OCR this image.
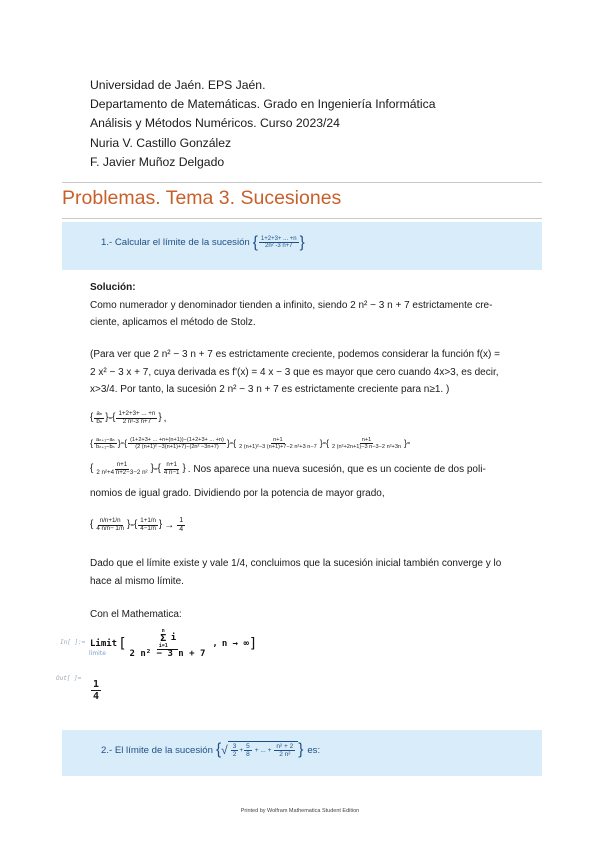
Universidad de Jaén. EPS Jaén.
Departamento de Matemáticas. Grado en Ingeniería Informática
Análisis y Métodos Numéricos. Curso 2023/24
Nuria V. Castillo González
F. Javier Muñoz Delgado
Problemas. Tema 3. Sucesiones
1.- Calcular el límite de la sucesión { $\frac{1+2+3+ ... +n}{\text{2n² -3 n+7}}$ }
Solución:
Como numerador y denominador tienden a infinito, siendo 2 n² − 3 n + 7 estrictamente cre-
ciente, aplicamos el método de Stolz.
(Para ver que 2 n² − 3 n + 7 es estrictamente creciente, podemos considerar la función f(x) =
2 x² − 3 x + 7, cuya derivada es f'(x) = 4 x − 3 que es mayor que cero cuando 4x>3, es decir,
x>3/4. Por tanto, la sucesión 2 n² − 3 n + 7 es estrictamente creciente para n≥1. )
{ $\frac{\text{aₙ}}{\text{bₙ}}$ } = { $\frac{1+2+3+ ... +n}{\text{2 n²-3 n+7}}$ } ,
{ $\frac{\text{aₙ₊₁−aₙ}}{\text{bₙ₊₁−bₙ}}$ } = { $\frac{(1+2+3+ ... +n+(n+1))-(1+2+3+ ... +n)}{\text{(2 (n+1)² −3(n+1)+7)−(2n² −3n+7)}}$ } = { $\frac{n+1}{\text{2 (n+1)²−3 (n+1)+7−2 n²+3 n−7}}$ } = { $\frac{n+1}{\text{2 (n²+2n+1)−3 n−3−2 n²+3n}}$ } =
{ $\frac{n+1}{\text{2 n²+4 n+2−3−2 n²}}$ } = { $\frac{n+1}{4 n-1}$ } . Nos aparece una nueva sucesión, que es un cociente de dos poli-
nomios de igual grado. Dividiendo por la potencia de mayor grado,
{ $\frac{n/n+1/n}{4 n/n- 1/n}$ } = { $\frac{1+1/n}{4-1/n}$ } → $\frac{1}{4}$
Dado que el límite existe y vale 1/4, concluimos que la sucesión inicial también converge y lo
hace al mismo límite.
Con el Mathematica:
In[ ]:=
límite
Limit [ n
Σ
i=1
i
2 n² − 3 n + 7 , n → ∞ ]
Out[ ]=
$\frac{1}{4}$
2.- El límite de la sucesión { √ $\frac{3}{2} + \frac{5}{8}$ + ... + $\frac{\text{n² + 2}}{\text{2 n²}}$ } es:
Printed by Wolfram Mathematica Student Edition
